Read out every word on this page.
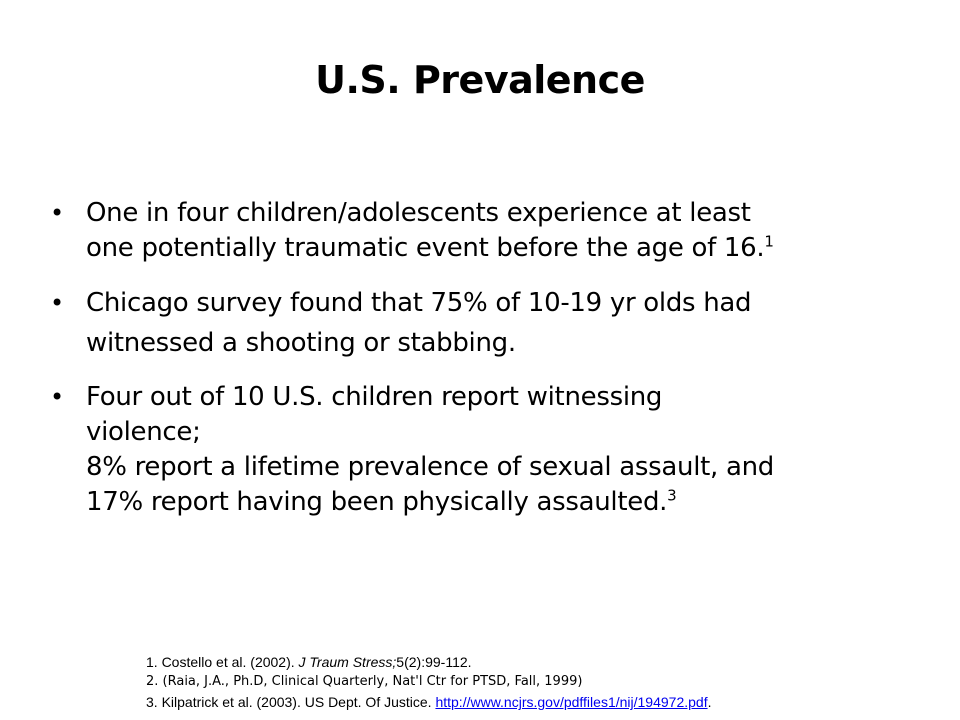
U.S. Prevalence
• One in four children/adolescents experience at least
one potentially traumatic event before the age of 16.$^1$
• Chicago survey found that 75% of 10-19 yr olds had
witnessed a shooting or stabbing.
• Four out of 10 U.S. children report witnessing
violence;
8% report a lifetime prevalence of sexual assault, and
17% report having been physically assaulted.$^3$
1. Costello et al. (2002). J Traum Stress;5(2):99-112.
2. (Raia, J.A., Ph.D, Clinical Quarterly, Nat'l Ctr for PTSD, Fall, 1999)
3. Kilpatrick et al. (2003). US Dept. Of Justice. http://www.ncjrs.gov/pdffiles1/nij/194972.pdf.
